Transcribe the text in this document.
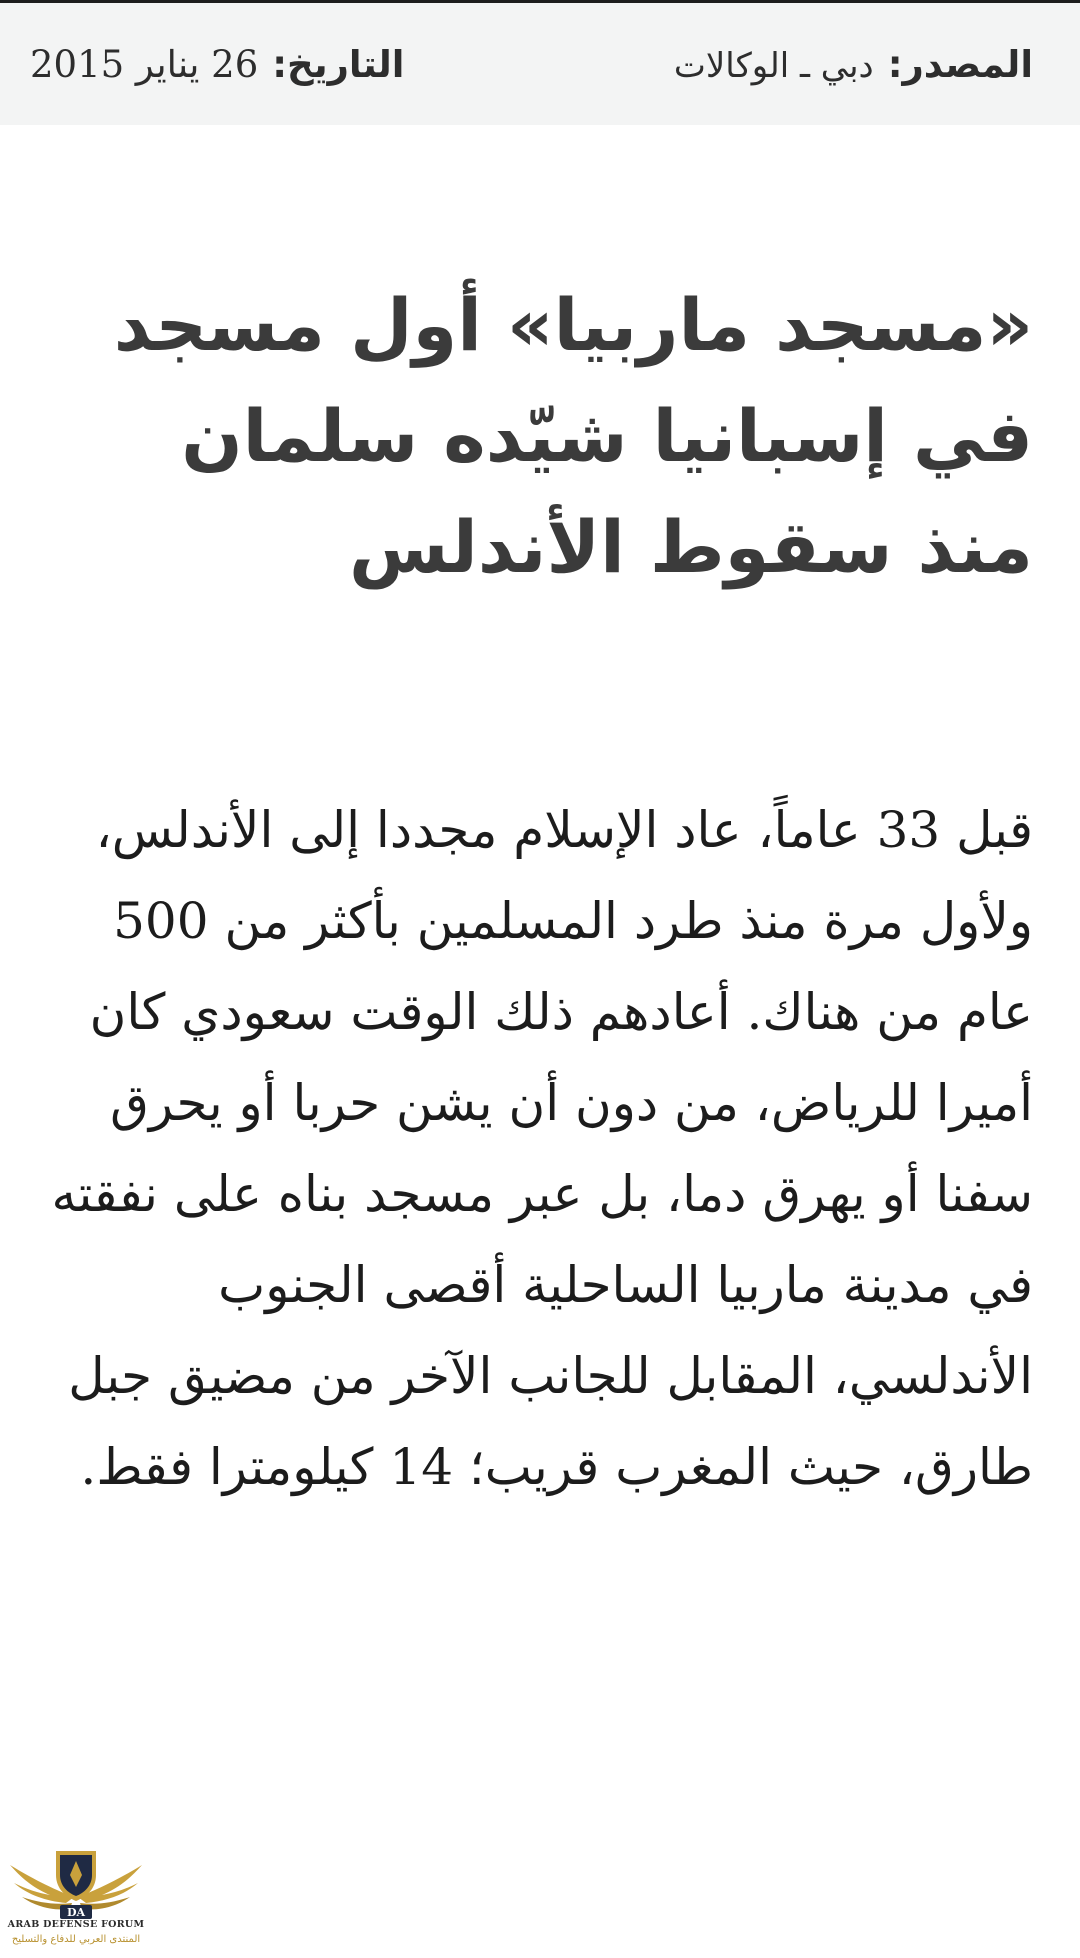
المصدر:
دبي ـ الوكالات
التاريخ:
26 يناير 2015
«مسجد ماربيا» أول مسجد في إسبانيا شيّده سلمان منذ سقوط الأندلس

قبل 33 عاماً، عاد الإسلام مجددا إلى الأندلس، ولأول مرة منذ طرد المسلمين بأكثر من 500 عام من هناك. أعادهم ذلك الوقت سعودي كان أميرا للرياض، من دون أن يشن حربا أو يحرق سفنا أو يهرق دما، بل عبر مسجد بناه على نفقته في مدينة ماربيا الساحلية أقصى الجنوب الأندلسي، المقابل للجانب الآخر من مضيق جبل طارق، حيث المغرب قريب؛ 14 كيلومترا فقط.

DA
ARAB DEFENSE FORUM
المنتدى العربي للدفاع والتسليح
